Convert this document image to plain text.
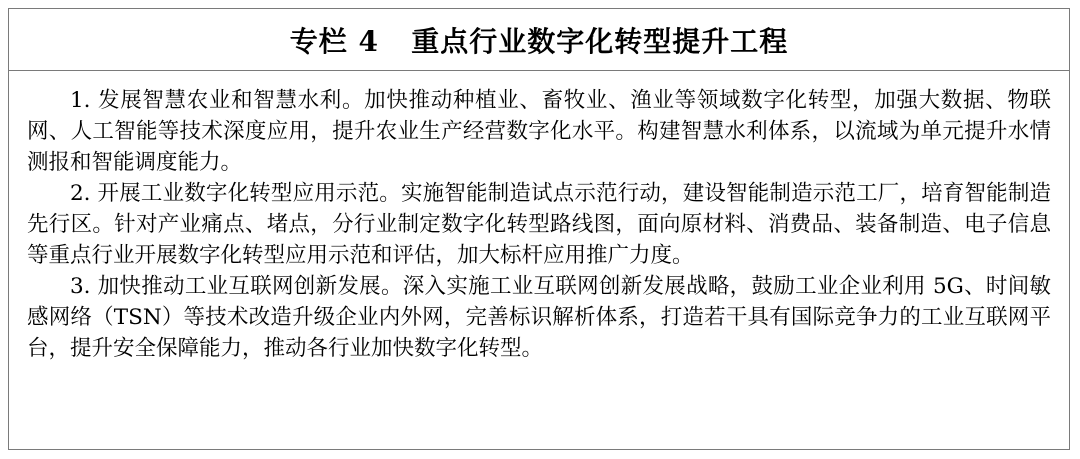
专栏 4   重点行业数字化转型提升工程

1. 发展智慧农业和智慧水利。加快推动种植业、畜牧业、渔业等领域数字化转型，加强大数据、物联网、人工智能等技术深度应用，提升农业生产经营数字化水平。构建智慧水利体系，以流域为单元提升水情测报和智能调度能力。

2. 开展工业数字化转型应用示范。实施智能制造试点示范行动，建设智能制造示范工厂，培育智能制造先行区。针对产业痛点、堵点，分行业制定数字化转型路线图，面向原材料、消费品、装备制造、电子信息等重点行业开展数字化转型应用示范和评估，加大标杆应用推广力度。

3. 加快推动工业互联网创新发展。深入实施工业互联网创新发展战略，鼓励工业企业利用 5G、时间敏感网络（TSN）等技术改造升级企业内外网，完善标识解析体系，打造若干具有国际竞争力的工业互联网平台，提升安全保障能力，推动各行业加快数字化转型。
